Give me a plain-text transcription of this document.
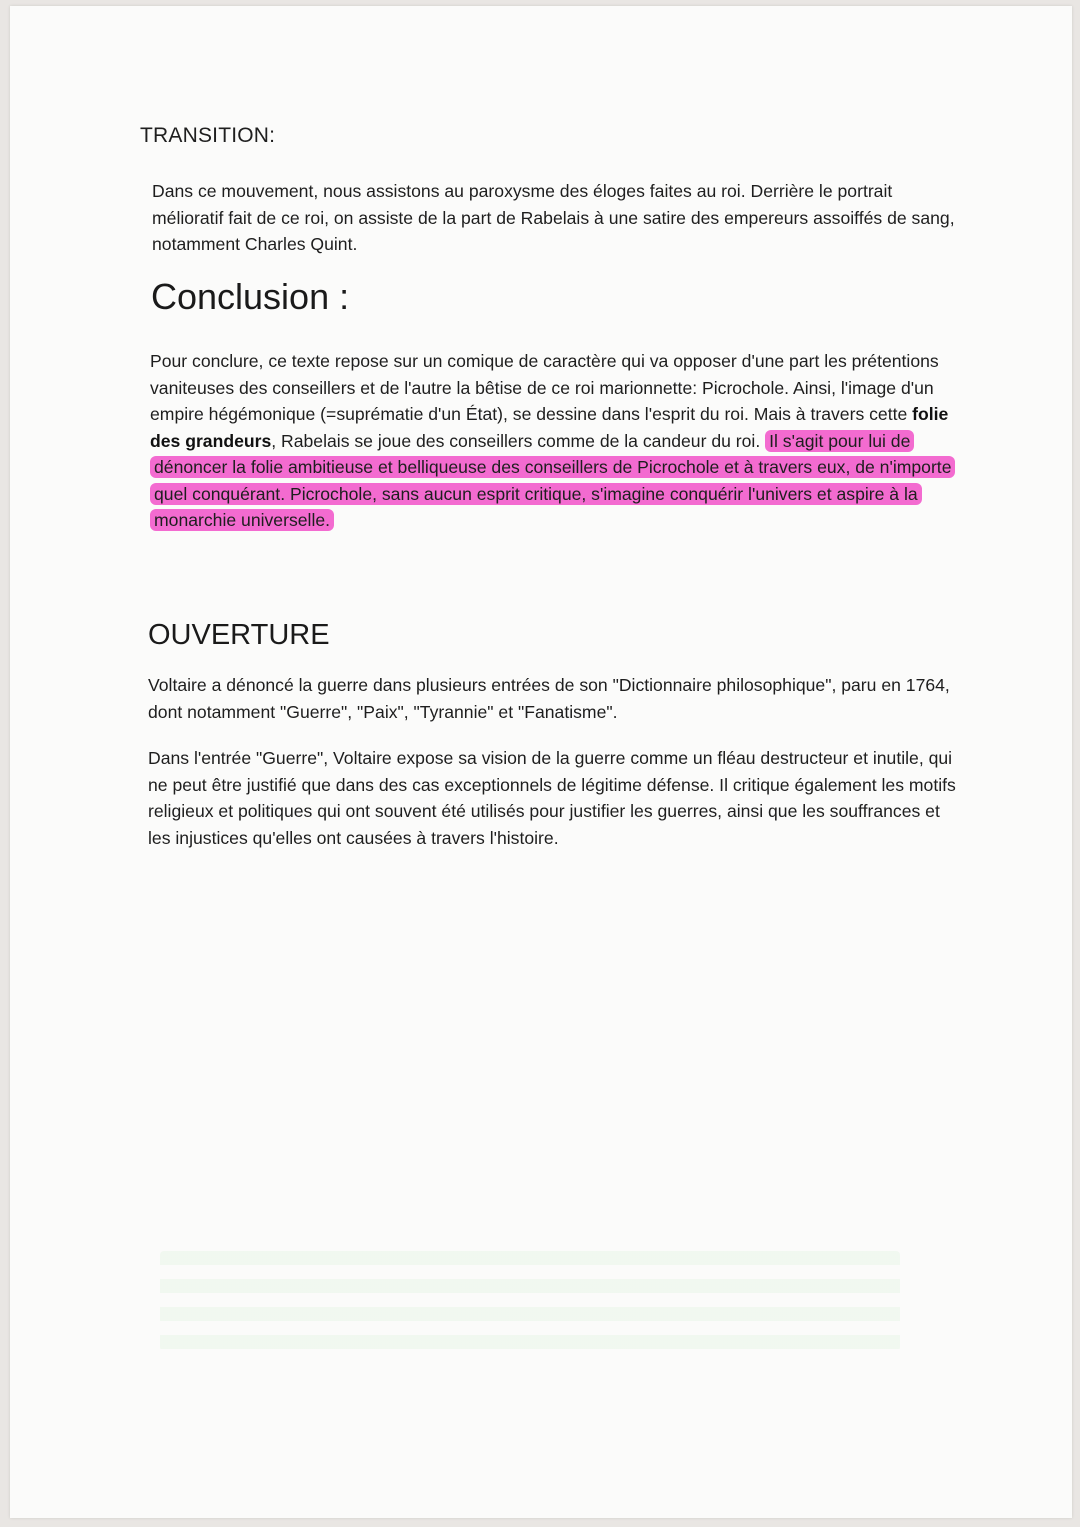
TRANSITION:

Dans ce mouvement, nous assistons au paroxysme des éloges faites au roi. Derrière le portrait mélioratif fait de ce roi, on assiste de la part de Rabelais à une satire des empereurs assoiffés de sang, notamment Charles Quint.

Conclusion :

Pour conclure, ce texte repose sur un comique de caractère qui va opposer d'une part les prétentions vaniteuses des conseillers et de l'autre la bêtise de ce roi marionnette: Picrochole. Ainsi, l'image d'un empire hégémonique (=suprématie d'un État), se dessine dans l'esprit du roi. Mais à travers cette folie des grandeurs, Rabelais se joue des conseillers comme de la candeur du roi. Il s'agit pour lui de dénoncer la folie ambitieuse et belliqueuse des conseillers de Picrochole et à travers eux, de n'importe quel conquérant. Picrochole, sans aucun esprit critique, s'imagine conquérir l'univers et aspire à la monarchie universelle.

OUVERTURE

Voltaire a dénoncé la guerre dans plusieurs entrées de son "Dictionnaire philosophique", paru en 1764, dont notamment "Guerre", "Paix", "Tyrannie" et "Fanatisme".

Dans l'entrée "Guerre", Voltaire expose sa vision de la guerre comme un fléau destructeur et inutile, qui ne peut être justifié que dans des cas exceptionnels de légitime défense. Il critique également les motifs religieux et politiques qui ont souvent été utilisés pour justifier les guerres, ainsi que les souffrances et les injustices qu'elles ont causées à travers l'histoire.
